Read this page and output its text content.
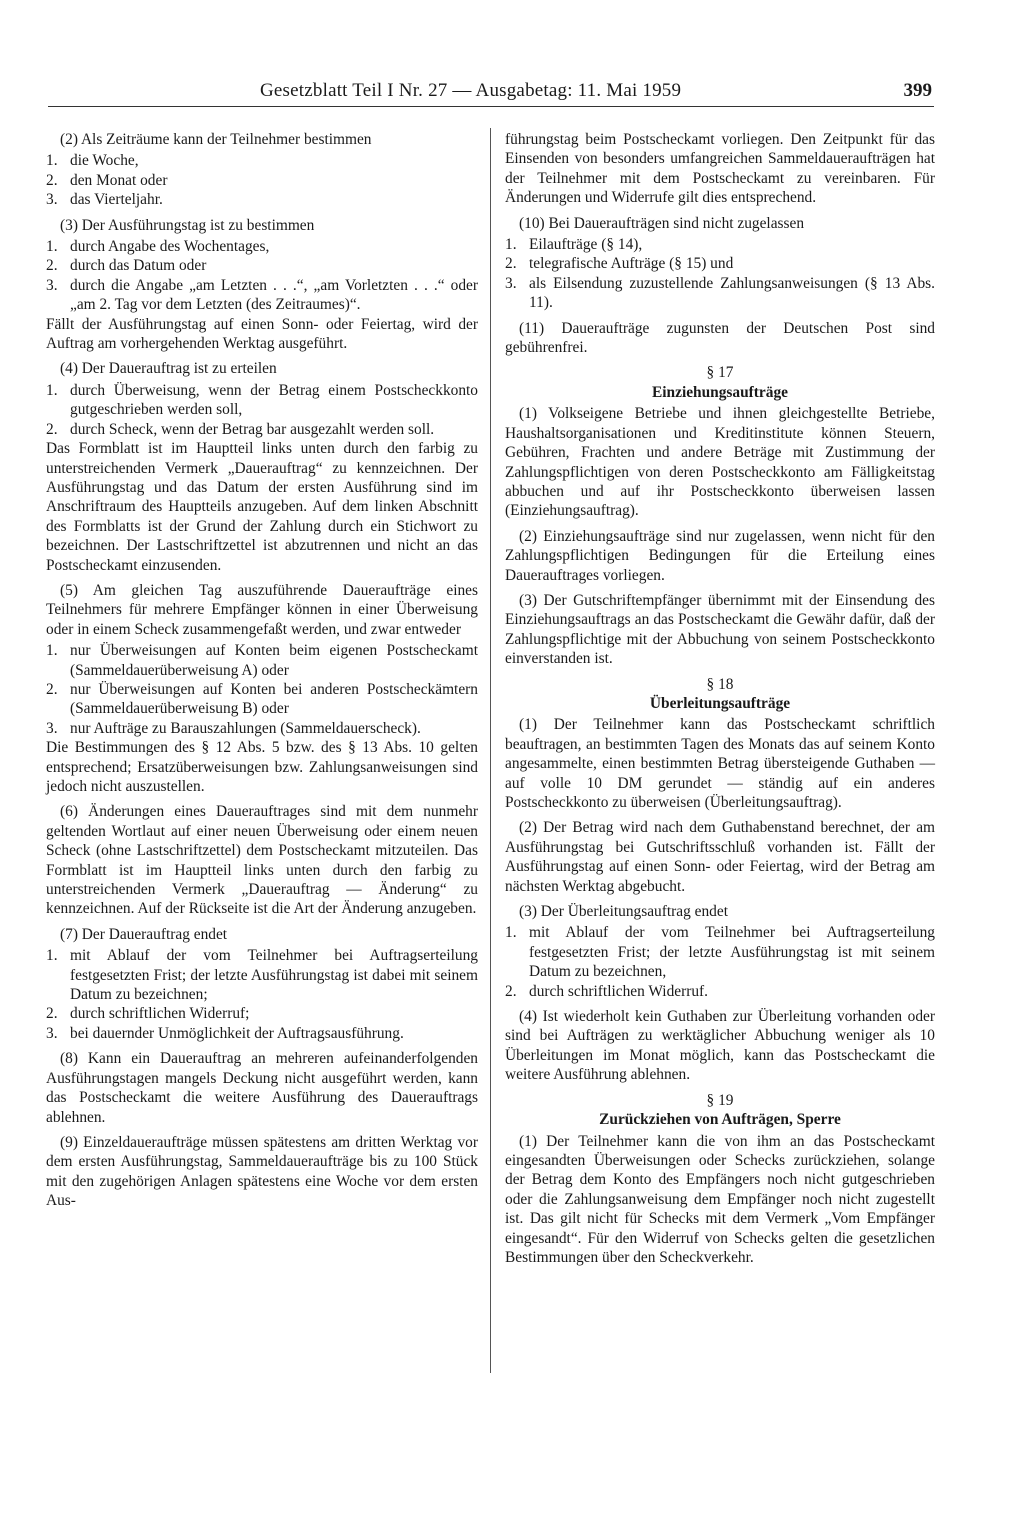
Gesetzblatt Teil I Nr. 27 — Ausgabetag: 11. Mai 1959	399

(2) Als Zeiträume kann der Teilnehmer bestimmen

1. die Woche,
2. den Monat oder
3. das Vierteljahr.

(3) Der Ausführungstag ist zu bestimmen

1. durch Angabe des Wochentages,
2. durch das Datum oder
3. durch die Angabe „am Letzten . . .“, „am Vorletzten . . .“ oder „am 2. Tag vor dem Letzten (des Zeitraumes)“.

Fällt der Ausführungstag auf einen Sonn- oder Feiertag, wird der Auftrag am vorhergehenden Werktag ausgeführt.

(4) Der Dauerauftrag ist zu erteilen

1. durch Überweisung, wenn der Betrag einem Postscheckkonto gutgeschrieben werden soll,
2. durch Scheck, wenn der Betrag bar ausgezahlt werden soll.

Das Formblatt ist im Hauptteil links unten durch den farbig zu unterstreichenden Vermerk „Dauerauftrag“ zu kennzeichnen. Der Ausführungstag und das Datum der ersten Ausführung sind im Anschriftraum des Hauptteils anzugeben. Auf dem linken Abschnitt des Formblatts ist der Grund der Zahlung durch ein Stichwort zu bezeichnen. Der Lastschriftzettel ist abzutrennen und nicht an das Postscheckamt einzusenden.

(5) Am gleichen Tag auszuführende Daueraufträge eines Teilnehmers für mehrere Empfänger können in einer Überweisung oder in einem Scheck zusammengefaßt werden, und zwar entweder

1. nur Überweisungen auf Konten beim eigenen Postscheckamt (Sammeldauerüberweisung A) oder
2. nur Überweisungen auf Konten bei anderen Postscheckämtern (Sammeldauerüberweisung B) oder
3. nur Aufträge zu Barauszahlungen (Sammeldauerscheck).

Die Bestimmungen des § 12 Abs. 5 bzw. des § 13 Abs. 10 gelten entsprechend; Ersatzüberweisungen bzw. Zahlungsanweisungen sind jedoch nicht auszustellen.

(6) Änderungen eines Dauerauftrages sind mit dem nunmehr geltenden Wortlaut auf einer neuen Überweisung oder einem neuen Scheck (ohne Lastschriftzettel) dem Postscheckamt mitzuteilen. Das Formblatt ist im Hauptteil links unten durch den farbig zu unterstreichenden Vermerk „Dauerauftrag — Änderung“ zu kennzeichnen. Auf der Rückseite ist die Art der Änderung anzugeben.

(7) Der Dauerauftrag endet

1. mit Ablauf der vom Teilnehmer bei Auftragserteilung festgesetzten Frist; der letzte Ausführungstag ist dabei mit seinem Datum zu bezeichnen;
2. durch schriftlichen Widerruf;
3. bei dauernder Unmöglichkeit der Auftragsausführung.

(8) Kann ein Dauerauftrag an mehreren aufeinanderfolgenden Ausführungstagen mangels Deckung nicht ausgeführt werden, kann das Postscheckamt die weitere Ausführung des Dauerauftrags ablehnen.

(9) Einzeldaueraufträge müssen spätestens am dritten Werktag vor dem ersten Ausführungstag, Sammeldaueraufträge bis zu 100 Stück mit den zugehörigen Anlagen spätestens eine Woche vor dem ersten Aus-

führungstag beim Postscheckamt vorliegen. Den Zeitpunkt für das Einsenden von besonders umfangreichen Sammeldaueraufträgen hat der Teilnehmer mit dem Postscheckamt zu vereinbaren. Für Änderungen und Widerrufe gilt dies entsprechend.

(10) Bei Daueraufträgen sind nicht zugelassen

1. Eilaufträge (§ 14),
2. telegrafische Aufträge (§ 15) und
3. als Eilsendung zuzustellende Zahlungsanweisungen (§ 13 Abs. 11).

(11) Daueraufträge zugunsten der Deutschen Post sind gebührenfrei.

§ 17

Einziehungsaufträge

(1) Volkseigene Betriebe und ihnen gleichgestellte Betriebe, Haushaltsorganisationen und Kreditinstitute können Steuern, Gebühren, Frachten und andere Beträge mit Zustimmung der Zahlungspflichtigen von deren Postscheckkonto am Fälligkeitstag abbuchen und auf ihr Postscheckkonto überweisen lassen (Einziehungsauftrag).

(2) Einziehungsaufträge sind nur zugelassen, wenn nicht für den Zahlungspflichtigen Bedingungen für die Erteilung eines Dauerauftrages vorliegen.

(3) Der Gutschriftempfänger übernimmt mit der Einsendung des Einziehungsauftrags an das Postscheckamt die Gewähr dafür, daß der Zahlungspflichtige mit der Abbuchung von seinem Postscheckkonto einverstanden ist.

§ 18

Überleitungsaufträge

(1) Der Teilnehmer kann das Postscheckamt schriftlich beauftragen, an bestimmten Tagen des Monats das auf seinem Konto angesammelte, einen bestimmten Betrag übersteigende Guthaben — auf volle 10 DM gerundet — ständig auf ein anderes Postscheckkonto zu überweisen (Überleitungsauftrag).

(2) Der Betrag wird nach dem Guthabenstand berechnet, der am Ausführungstag bei Gutschriftsschluß vorhanden ist. Fällt der Ausführungstag auf einen Sonn- oder Feiertag, wird der Betrag am nächsten Werktag abgebucht.

(3) Der Überleitungsauftrag endet

1. mit Ablauf der vom Teilnehmer bei Auftragserteilung festgesetzten Frist; der letzte Ausführungstag ist mit seinem Datum zu bezeichnen,
2. durch schriftlichen Widerruf.

(4) Ist wiederholt kein Guthaben zur Überleitung vorhanden oder sind bei Aufträgen zu werktäglicher Abbuchung weniger als 10 Überleitungen im Monat möglich, kann das Postscheckamt die weitere Ausführung ablehnen.

§ 19

Zurückziehen von Aufträgen, Sperre

(1) Der Teilnehmer kann die von ihm an das Postscheckamt eingesandten Überweisungen oder Schecks zurückziehen, solange der Betrag dem Konto des Empfängers noch nicht gutgeschrieben oder die Zahlungsanweisung dem Empfänger noch nicht zugestellt ist. Das gilt nicht für Schecks mit dem Vermerk „Vom Empfänger eingesandt“. Für den Widerruf von Schecks gelten die gesetzlichen Bestimmungen über den Scheckverkehr.
